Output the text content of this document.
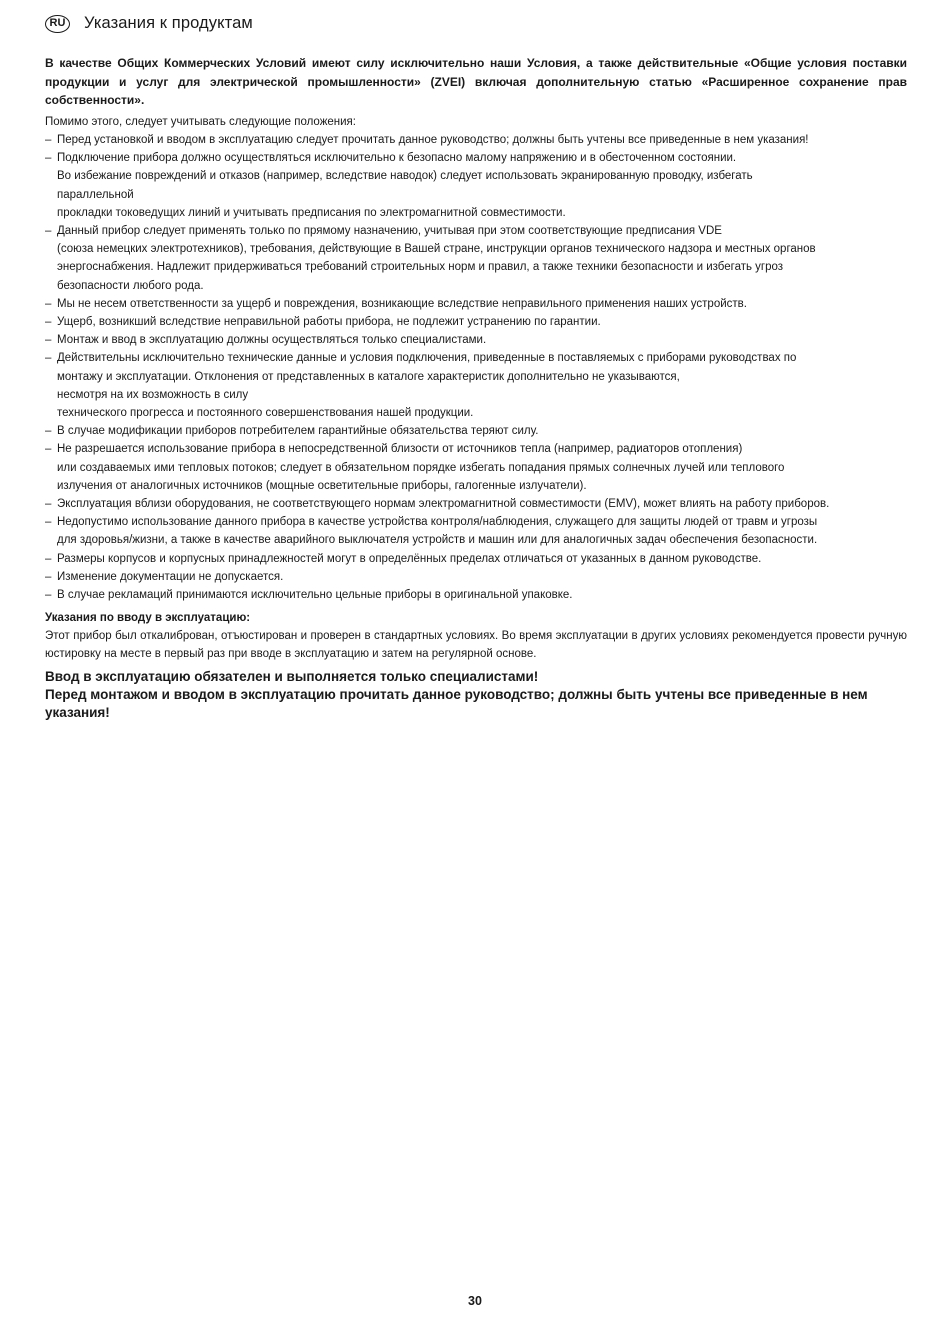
RU Указания к продуктам

В качестве Общих Коммерческих Условий имеют силу исключительно наши Условия, а также действительные «Общие условия поставки продукции и услуг для электрической промышленности» (ZVEI) включая дополнительную статью «Расширенное сохранение прав собственности».

Помимо этого, следует учитывать следующие положения:

– Перед установкой и вводом в эксплуатацию следует прочитать данное руководство; должны быть учтены все приведенные в нем указания!
– Подключение прибора должно осуществляться исключительно к безопасно малому напряжению и в обесточенном состоянии.
Во избежание повреждений и отказов (например, вследствие наводок) следует использовать экранированную проводку, избегать
параллельной
прокладки токоведущих линий и учитывать предписания по электромагнитной совместимости.
– Данный прибор следует применять только по прямому назначению, учитывая при этом соответствующие предписания VDE
(союза немецких электротехников), требования, действующие в Вашей стране, инструкции органов технического надзора и местных органов
энергоснабжения. Надлежит придерживаться требований строительных норм и правил, а также техники безопасности и избегать угроз
безопасности любого рода.
– Мы не несем ответственности за ущерб и повреждения, возникающие вследствие неправильного применения наших устройств.
– Ущерб, возникший вследствие неправильной работы прибора, не подлежит устранению по гарантии.
– Монтаж и ввод в эксплуатацию должны осуществляться только специалистами.
– Действительны исключительно технические данные и условия подключения, приведенные в поставляемых с приборами руководствах по
монтажу и эксплуатации. Отклонения от представленных в каталоге характеристик дополнительно не указываются,
несмотря на их возможность в силу
технического прогресса и постоянного совершенствования нашей продукции.
– В случае модификации приборов потребителем гарантийные обязательства теряют силу.
– Не разрешается использование прибора в непосредственной близости от источников тепла (например, радиаторов отопления)
или создаваемых ими тепловых потоков; следует в обязательном порядке избегать попадания прямых солнечных лучей или теплового
излучения от аналогичных источников (мощные осветительные приборы, галогенные излучатели).
– Эксплуатация вблизи оборудования, не соответствующего нормам электромагнитной совместимости (EMV), может влиять на работу приборов.
– Недопустимо использование данного прибора в качестве устройства контроля/наблюдения, служащего для защиты людей от травм и угрозы
для здоровья/жизни, а также в качестве аварийного выключателя устройств и машин или для аналогичных задач обеспечения безопасности.
– Размеры корпусов и корпусных принадлежностей могут в определённых пределах отличаться от указанных в данном руководстве.
– Изменение документации не допускается.
– В случае рекламаций принимаются исключительно цельные приборы в оригинальной упаковке.

Указания по вводу в эксплуатацию:

Этот прибор был откалиброван, отъюстирован и проверен в стандартных условиях. Во время эксплуатации в других условиях рекомендуется провести ручную юстировку на месте в первый раз при вводе в эксплуатацию и затем на регулярной основе.

Ввод в эксплуатацию обязателен и выполняется только специалистами!
Перед монтажом и вводом в эксплуатацию прочитать данное руководство; должны быть учтены все приведенные в нем указания!
30
